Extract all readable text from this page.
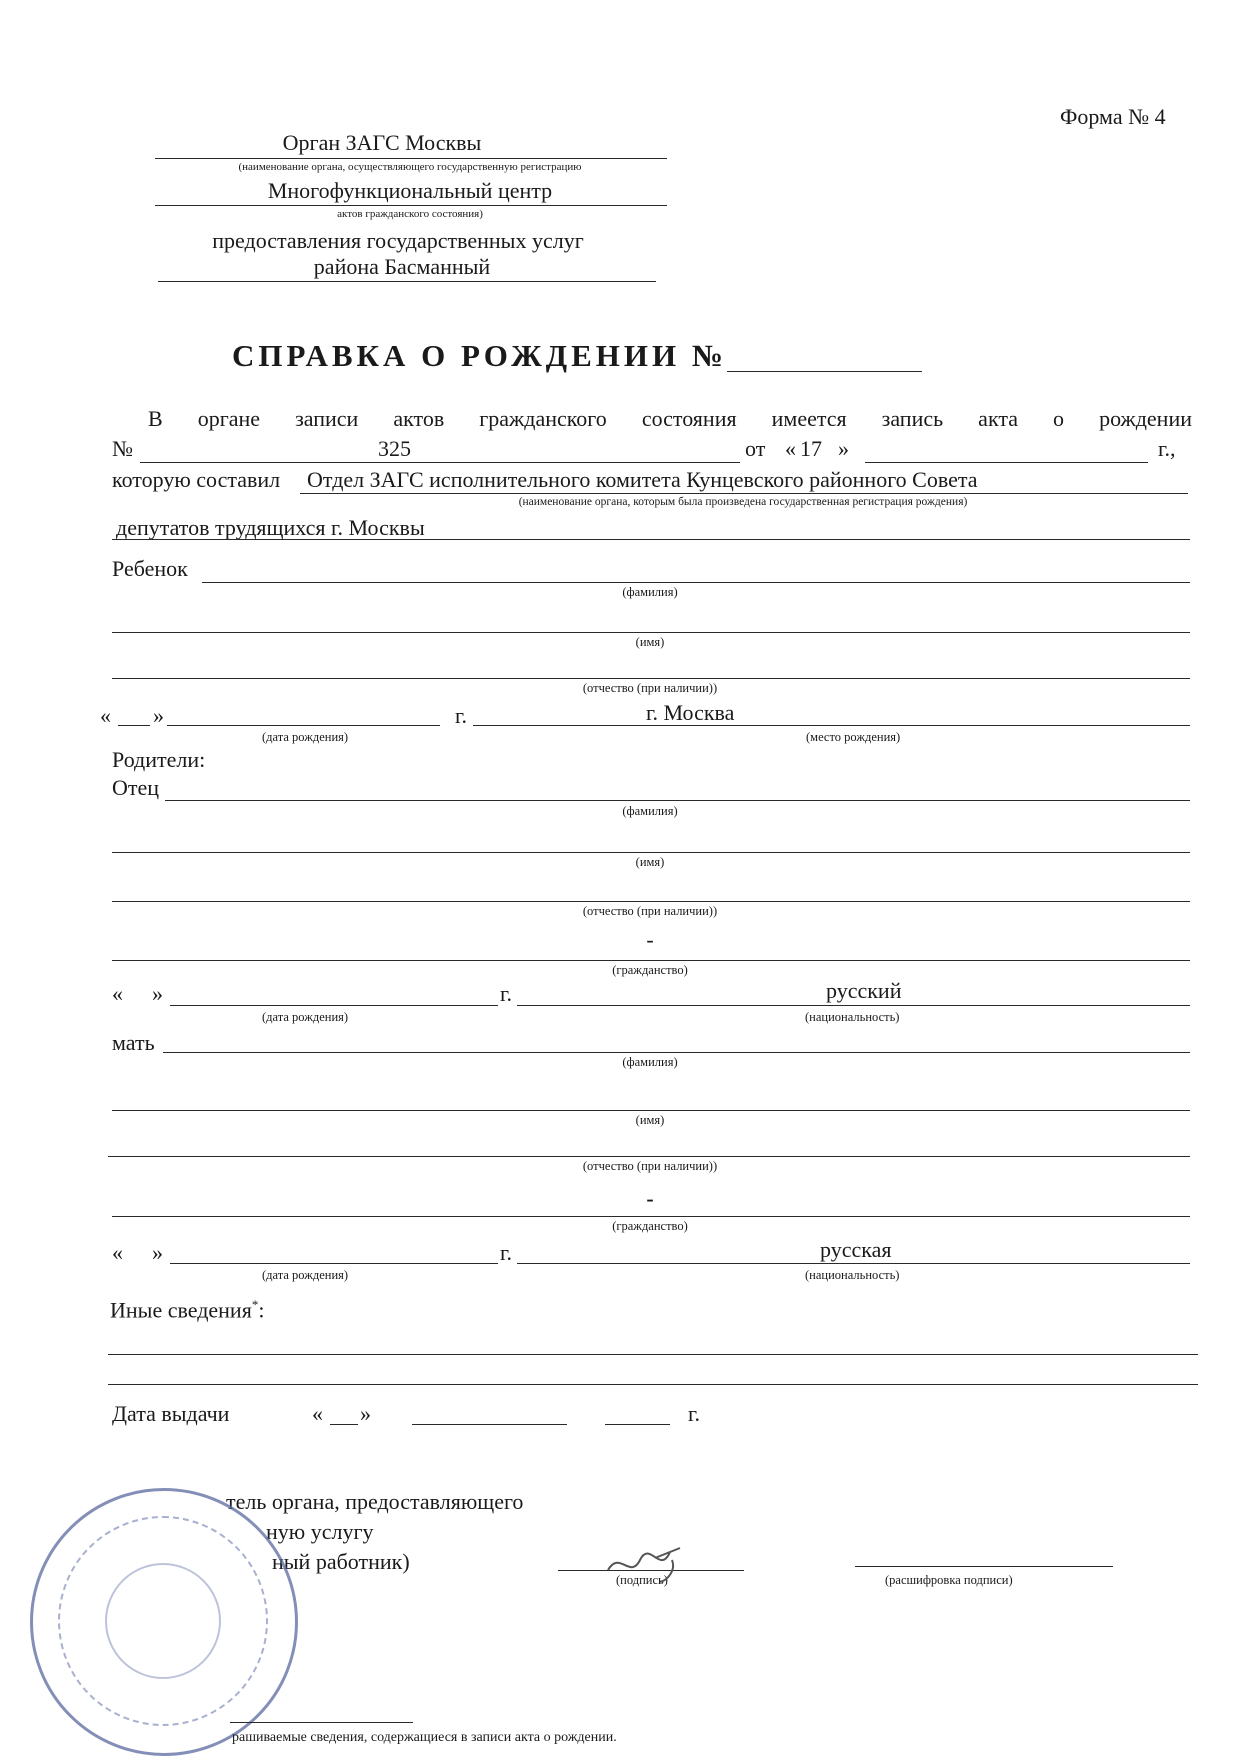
Форма № 4
Орган ЗАГС Москвы
(наименование органа, осуществляющего государственную регистрацию
Многофункциональный центр
актов гражданского состояния)
предоставления государственных услуг
района Басманный
СПРАВКА О РОЖДЕНИИ №
В органе записи актов гражданского состояния имеется запись акта о рождении
№	325	от « 17 »	г.,
которую составил Отдел ЗАГС исполнительного комитета Кунцевского районного Совета
(наименование органа, которым была произведена государственная регистрация рождения)
депутатов трудящихся г. Москвы
Ребенок
(фамилия)
(имя)
(отчество (при наличии))
« »	г.	г. Москва
(дата рождения)	(место рождения)
Родители:
Отец
(фамилия)
(имя)
(отчество (при наличии))
-
(гражданство)
« »	г.	русский
(дата рождения)	(национальность)
мать
(фамилия)
(имя)
(отчество (при наличии))
-
(гражданство)
« »	г.	русская
(дата рождения)	(национальность)
Иные сведения*:
Дата выдачи	« »	г.
тель органа, предоставляющего
ную услугу
ный работник)
(подпись)	(расшифровка подписи)
рашиваемые сведения, содержащиеся в записи акта о рождении.
